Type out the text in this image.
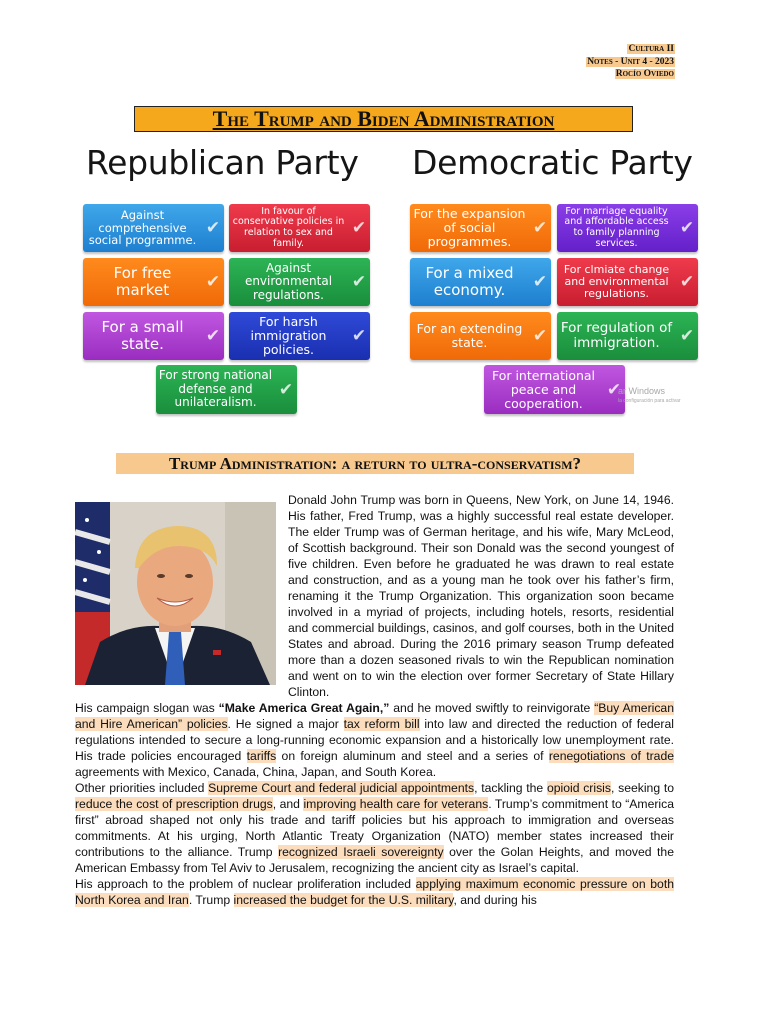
Cultura II
Notes - Unit 4 - 2023
Rocío Oviedo
The Trump and Biden Administration
Republican Party Democratic Party
Against comprehensive social programme.
✔
In favour of conservative policies in relation to sex and family.
✔
For free market	✔
Against environmental regulations.
✔
For a small state.	✔
For harsh immigration policies.
✔
For strong national defense and unilateralism.
✔
For the expansion of social programmes.
✔
For marriage equality and affordable access to family planning services.
✔
For a mixed economy.	✔
For clmiate change and environmental regulations.
✔
For an extending state.	✔ For regulation of immigration.	✔
For international peace and cooperation.
✔
ar Windows
la configuración para activar
Trump Administration: a return to ultra-conservatism?

Donald John Trump was born in Queens, New York, on June 14, 1946. His father, Fred Trump, was a highly successful real estate developer. The elder Trump was of German heritage, and his wife, Mary McLeod, of Scottish background. Their son Donald was the second youngest of five children. Even before he graduated he was drawn to real estate and construction, and as a young man he took over his father’s firm, renaming it the Trump Organization. This organization soon became involved in a myriad of projects, including hotels, resorts, residential and commercial buildings, casinos, and golf courses, both in the United States and abroad. During the 2016 primary season Trump defeated more than a dozen seasoned rivals to win the Republican nomination and went on to win the election over former Secretary of State Hillary Clinton.

His campaign slogan was “Make America Great Again,” and he moved swiftly to reinvigorate “Buy American and Hire American” policies. He signed a major tax reform bill into law and directed the reduction of federal regulations intended to secure a long-running economic expansion and a historically low unemployment rate. His trade policies encouraged tariffs on foreign aluminum and steel and a series of renegotiations of trade agreements with Mexico, Canada, China, Japan, and South Korea.

Other priorities included Supreme Court and federal judicial appointments, tackling the opioid crisis, seeking to reduce the cost of prescription drugs, and improving health care for veterans. Trump’s commitment to “America first” abroad shaped not only his trade and tariff policies but his approach to immigration and overseas commitments. At his urging, North Atlantic Treaty Organization (NATO) member states increased their contributions to the alliance. Trump recognized Israeli sovereignty over the Golan Heights, and moved the American Embassy from Tel Aviv to Jerusalem, recognizing the ancient city as Israel’s capital.

His approach to the problem of nuclear proliferation included applying maximum economic pressure on both North Korea and Iran. Trump increased the budget for the U.S. military, and during his
